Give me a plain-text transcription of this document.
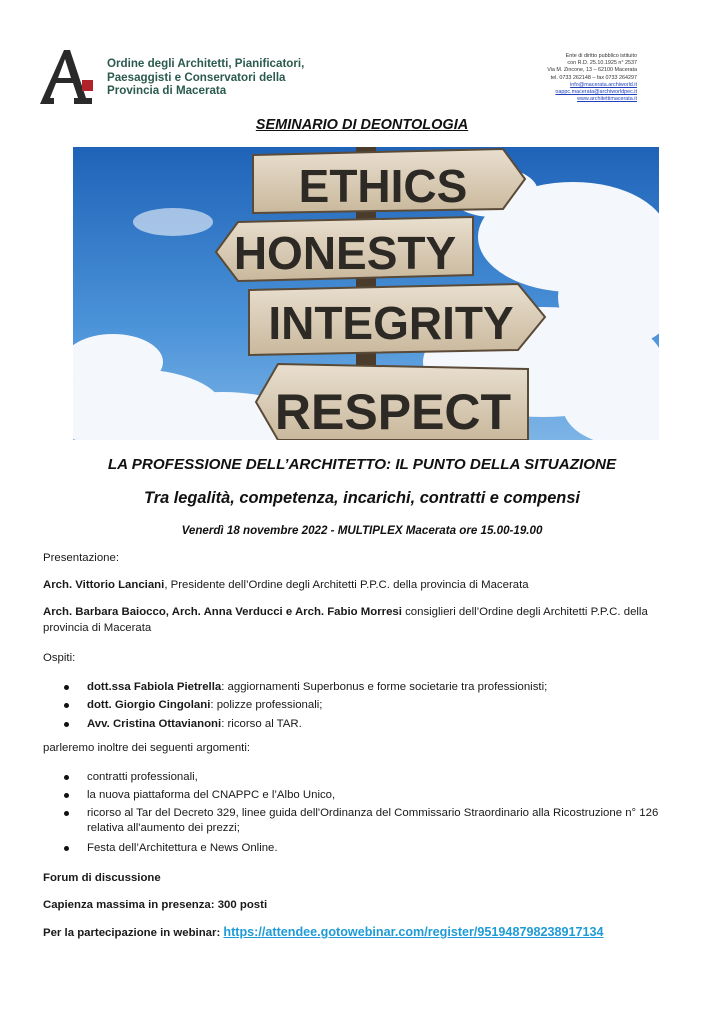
Ordine degli Architetti, Pianificatori,
Paesaggisti e Conservatori della
Provincia di Macerata
Ente di diritto pubblico istituito
con R.D. 25.10.1925 n° 2537
Via M. Zincone, 13 – 62100 Macerata
tel. 0733 262148 – fax 0733 264297
info@macerata.archiworld.it
oappc.macerata@archiworldpec.it
www.architettimacerata.it
SEMINARIO DI DEONTOLOGIA
ETHICS
HONESTY
INTEGRITY
RESPECT
LA PROFESSIONE DELL’ARCHITETTO: IL PUNTO DELLA SITUAZIONE
Tra legalità, competenza, incarichi, contratti e compensi
Venerdì 18 novembre 2022 - MULTIPLEX Macerata ore 15.00-19.00
Presentazione:
Arch. Vittorio Lanciani, Presidente dell’Ordine degli Architetti P.P.C. della provincia di Macerata
Arch. Barbara Baiocco, Arch. Anna Verducci e Arch. Fabio Morresi consiglieri dell’Ordine degli Architetti P.P.C. della provincia di Macerata
Ospiti:
dott.ssa Fabiola Pietrella: aggiornamenti Superbonus e forme societarie tra professionisti;
dott. Giorgio Cingolani: polizze professionali;
Avv. Cristina Ottavianoni: ricorso al TAR.
parleremo inoltre dei seguenti argomenti:
contratti professionali,
la nuova piattaforma del CNAPPC e l’Albo Unico,
ricorso al Tar del Decreto 329, linee guida dell'Ordinanza del Commissario Straordinario alla Ricostruzione n° 126 relativa all'aumento dei prezzi;
Festa dell’Architettura e News Online.
Forum di discussione
Capienza massima in presenza: 300 posti
Per la partecipazione in webinar: https://attendee.gotowebinar.com/register/951948798238917134
